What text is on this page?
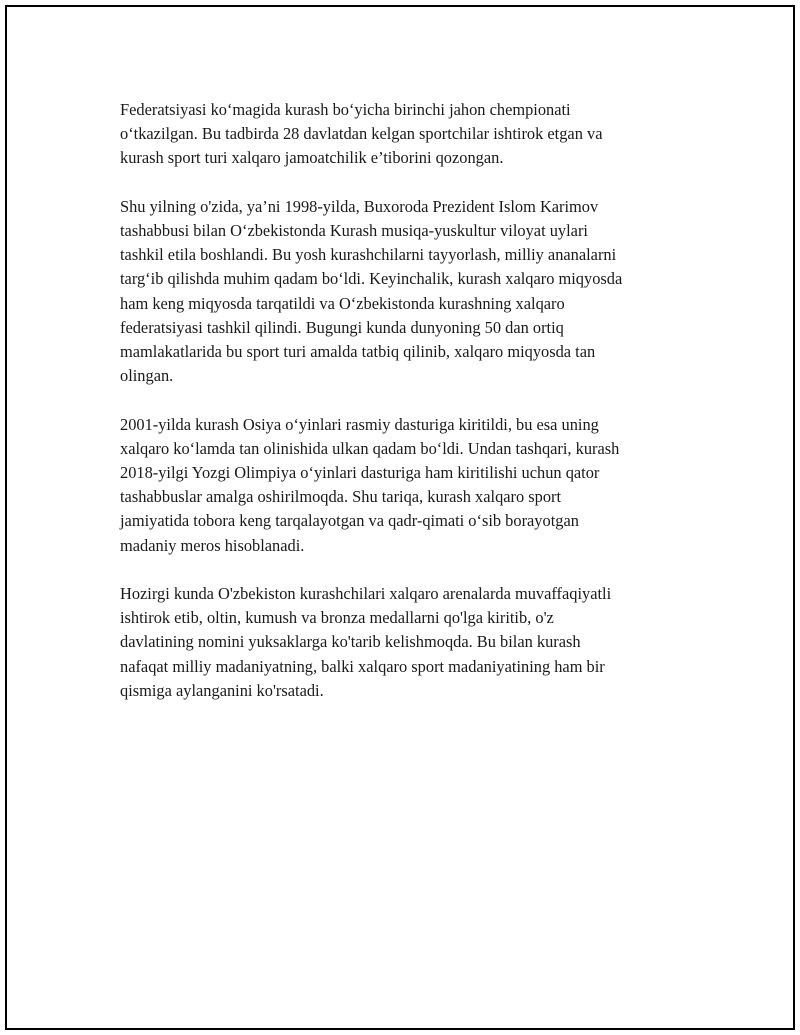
Federatsiyasi koʻmagida kurash boʻyicha birinchi jahon chempionati
oʻtkazilgan. Bu tadbirda 28 davlatdan kelgan sportchilar ishtirok etgan va
kurash sport turi xalqaro jamoatchilik e’tiborini qozongan.

Shu yilning o'zida, ya’ni 1998-yilda, Buxoroda Prezident Islom Karimov
tashabbusi bilan Oʻzbekistonda Kurash musiqa-yuskultur viloyat uylari
tashkil etila boshlandi. Bu yosh kurashchilarni tayyorlash, milliy ananalarni
targʻib qilishda muhim qadam boʻldi. Keyinchalik, kurash xalqaro miqyosda
ham keng miqyosda tarqatildi va Oʻzbekistonda kurashning xalqaro
federatsiyasi tashkil qilindi. Bugungi kunda dunyoning 50 dan ortiq
mamlakatlarida bu sport turi amalda tatbiq qilinib, xalqaro miqyosda tan
olingan.

2001-yilda kurash Osiya oʻyinlari rasmiy dasturiga kiritildi, bu esa uning
xalqaro koʻlamda tan olinishida ulkan qadam boʻldi. Undan tashqari, kurash
2018-yilgi Yozgi Olimpiya oʻyinlari dasturiga ham kiritilishi uchun qator
tashabbuslar amalga oshirilmoqda. Shu tariqa, kurash xalqaro sport
jamiyatida tobora keng tarqalayotgan va qadr-qimati oʻsib borayotgan
madaniy meros hisoblanadi.

Hozirgi kunda O'zbekiston kurashchilari xalqaro arenalarda muvaffaqiyatli
ishtirok etib, oltin, kumush va bronza medallarni qo'lga kiritib, o'z
davlatining nomini yuksaklarga ko'tarib kelishmoqda. Bu bilan kurash
nafaqat milliy madaniyatning, balki xalqaro sport madaniyatining ham bir
qismiga aylanganini ko'rsatadi.
